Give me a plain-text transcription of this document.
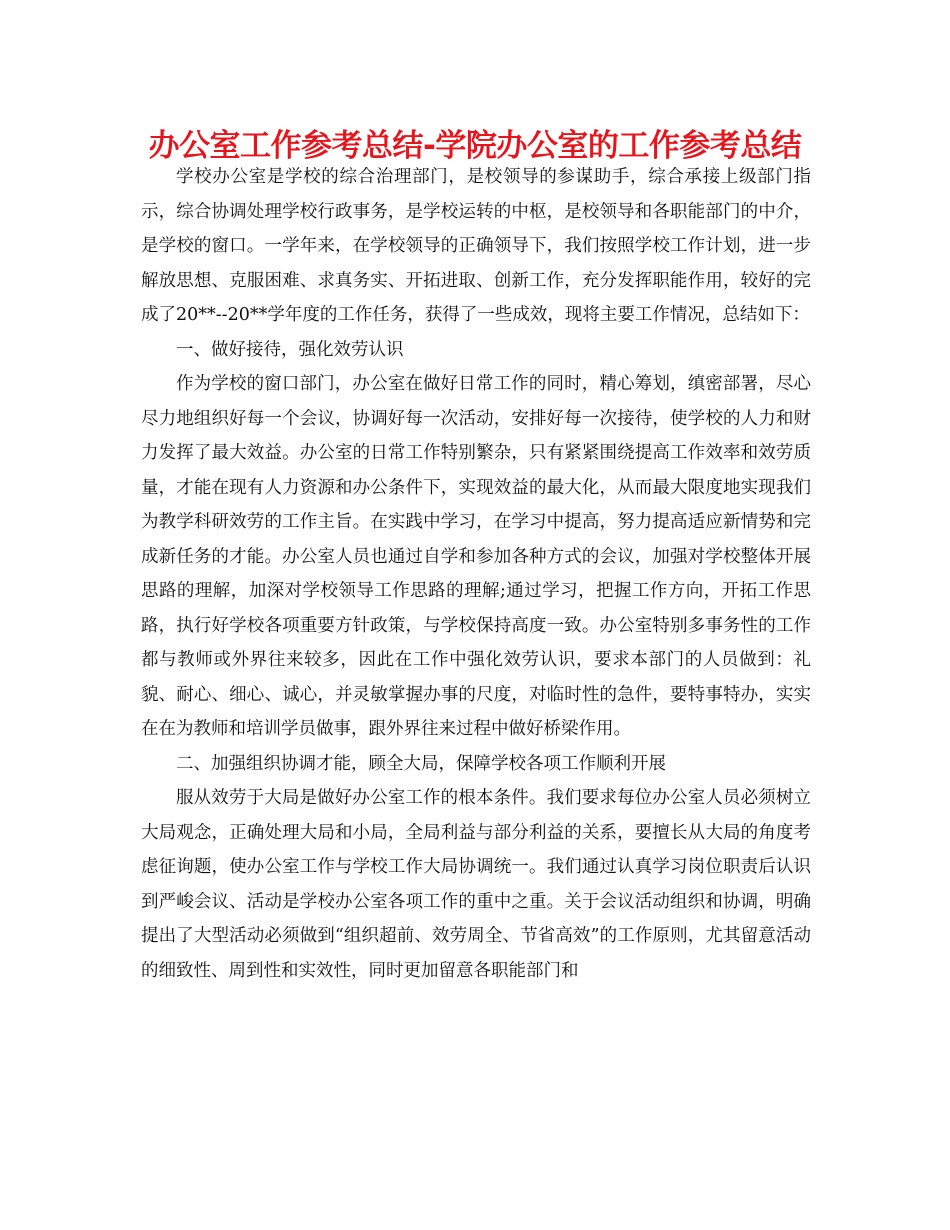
办公室工作参考总结-学院办公室的工作参考总结

学校办公室是学校的综合治理部门，是校领导的参谋助手，综合承接上级部门指示，综合协调处理学校行政事务，是学校运转的中枢，是校领导和各职能部门的中介，是学校的窗口。一学年来，在学校领导的正确领导下，我们按照学校工作计划，进一步解放思想、克服困难、求真务实、开拓进取、创新工作，充分发挥职能作用，较好的完成了20**--20**学年度的工作任务，获得了一些成效，现将主要工作情况，总结如下：

一、做好接待，强化效劳认识

作为学校的窗口部门，办公室在做好日常工作的同时，精心筹划，缜密部署，尽心尽力地组织好每一个会议，协调好每一次活动，安排好每一次接待，使学校的人力和财力发挥了最大效益。办公室的日常工作特别繁杂，只有紧紧围绕提高工作效率和效劳质量，才能在现有人力资源和办公条件下，实现效益的最大化，从而最大限度地实现我们为教学科研效劳的工作主旨。在实践中学习，在学习中提高，努力提高适应新情势和完成新任务的才能。办公室人员也通过自学和参加各种方式的会议，加强对学校整体开展思路的理解，加深对学校领导工作思路的理解;通过学习，把握工作方向，开拓工作思路，执行好学校各项重要方针政策，与学校保持高度一致。办公室特别多事务性的工作都与教师或外界往来较多，因此在工作中强化效劳认识，要求本部门的人员做到：礼貌、耐心、细心、诚心，并灵敏掌握办事的尺度，对临时性的急件，要特事特办，实实在在为教师和培训学员做事，跟外界往来过程中做好桥梁作用。

二、加强组织协调才能，顾全大局，保障学校各项工作顺利开展

服从效劳于大局是做好办公室工作的根本条件。我们要求每位办公室人员必须树立大局观念，正确处理大局和小局，全局利益与部分利益的关系，要擅长从大局的角度考虑征询题，使办公室工作与学校工作大局协调统一。我们通过认真学习岗位职责后认识到严峻会议、活动是学校办公室各项工作的重中之重。关于会议活动组织和协调，明确提出了大型活动必须做到“组织超前、效劳周全、节省高效”的工作原则，尤其留意活动的细致性、周到性和实效性，同时更加留意各职能部门和
